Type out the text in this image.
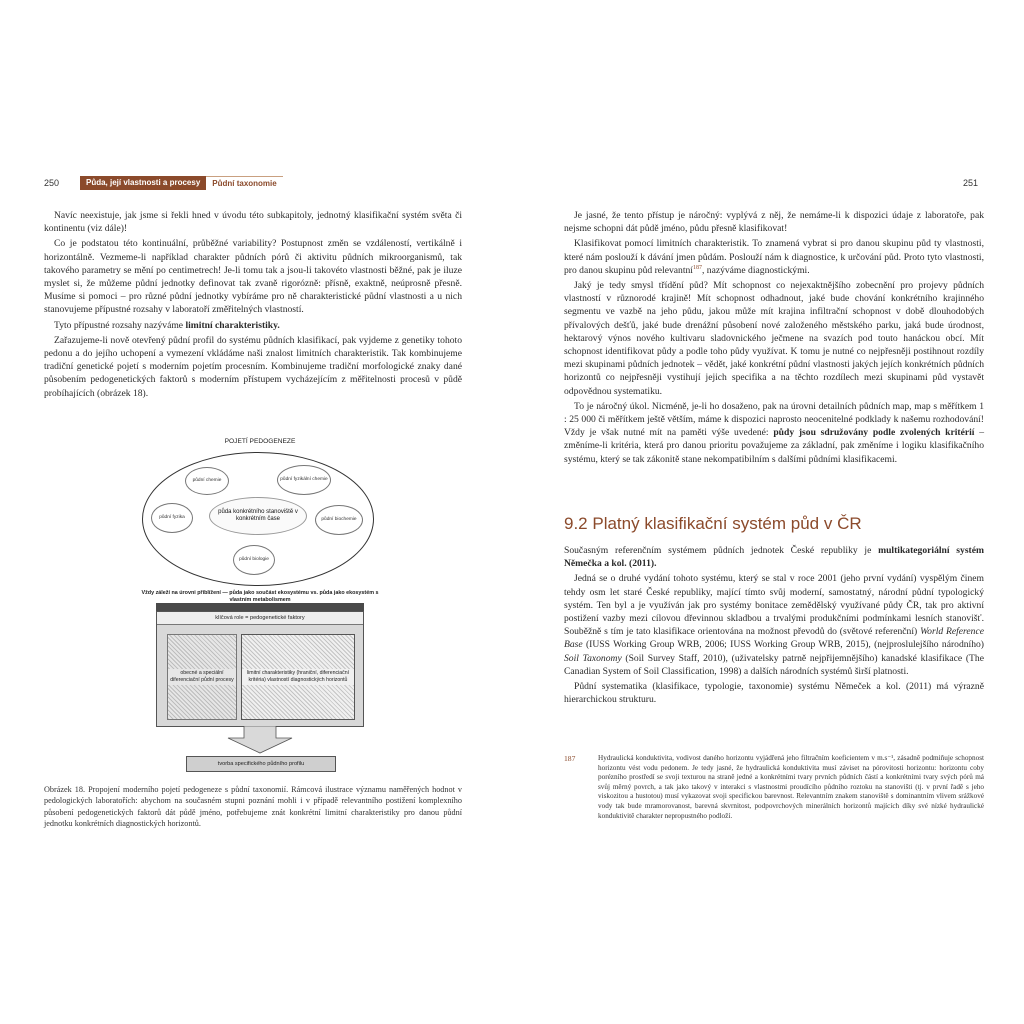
250	Půda, její vlastnosti a procesy	Půdní taxonomie

Navíc neexistuje, jak jsme si řekli hned v úvodu této subkapitoly, jednotný klasifikační systém světa či kontinentu (viz dále)!

Co je podstatou této kontinuální, průběžné variability? Postupnost změn se vzdáleností, vertikálně i horizontálně. Vezmeme-li například charakter půdních pórů či aktivitu půdních mikroorganismů, tak takového parametry se mění po centimetrech! Je-li tomu tak a jsou-li takovéto vlastnosti běžné, pak je iluze myslet si, že můžeme půdní jednotky definovat tak zvaně rigorózně: přísně, exaktně, neúprosně přesně. Musíme si pomoci – pro různé půdní jednotky vybíráme pro ně charakteristické půdní vlastnosti a u nich stanovujeme přípustné rozsahy v laboratoří změřitelných vlastností.

Tyto přípustné rozsahy nazýváme limitní charakteristiky.

Zařazujeme-li nově otevřený půdní profil do systému půdních klasifikací, pak vyjdeme z genetiky tohoto pedonu a do jejího uchopení a vymezení vkládáme naši znalost limitních charakteristik. Tak kombinujeme tradiční genetické pojetí s moderním pojetím procesním. Kombinujeme tradiční morfologické znaky dané působením pedogenetických faktorů s moderním přístupem vycházejícím z měřitelnosti procesů v půdě probíhajících (obrázek 18).

POJETÍ PEDOGENEZE
půdní chemie	půdní fyzikální chemie
půdní fyzika	půdní biochemie
půdní biologie
půda konkrétního stanoviště v konkrétním čase
Vždy záleží na úrovni přiblížení — půda jako součást ekosystému vs. půda jako ekosystém s vlastním metabolismem
klíčová role = pedogenetické faktory
obecné a speciální diferenciační půdní procesy
limitní charakteristiky (hraniční, diferenciační kritéria) vlastností diagnostických horizontů
tvorba specifického půdního profilu

Obrázek 18. Propojení moderního pojetí pedogeneze s půdní taxonomií. Rámcová ilustrace významu naměřených hodnot v pedologických laboratořích: abychom na současném stupni poznání mohli i v případě relevantního postižení komplexního působení pedogenetických faktorů dát půdě jméno, potřebujeme znát konkrétní limitní charakteristiky pro danou půdní jednotku konkrétních diagnostických horizontů.

251

Je jasné, že tento přístup je náročný: vyplývá z něj, že nemáme-li k dispozici údaje z laboratoře, pak nejsme schopni dát půdě jméno, půdu přesně klasifikovat!

Klasifikovat pomocí limitních charakteristik. To znamená vybrat si pro danou skupinu půd ty vlastnosti, které nám poslouží k dávání jmen půdám. Poslouží nám k diagnostice, k určování půd. Proto tyto vlastnosti, pro danou skupinu půd relevantní$^{187}$, nazýváme diagnostickými.

Jaký je tedy smysl třídění půd? Mít schopnost co nejexaktnějšího zobecnění pro projevy půdních vlastností v různorodé krajině! Mít schopnost odhadnout, jaké bude chování konkrétního krajinného segmentu ve vazbě na jeho půdu, jakou může mít krajina infiltrační schopnost v době dlouhodobých přívalových dešťů, jaké bude drenážní působení nové založeného městského parku, jaká bude úrodnost, hektarový výnos nového kultivaru sladovnického ječmene na svazích pod touto hanáckou obcí. Mít schopnost identifikovat půdy a podle toho půdy využívat. K tomu je nutné co nejpřesněji postihnout rozdíly mezi skupinami půdních jednotek – vědět, jaké konkrétní půdní vlastnosti jakých jejích konkrétních půdních horizontů co nejpřesněji vystihují jejich specifika a na těchto rozdílech mezi skupinami půd vystavět odpovědnou systematiku.

To je náročný úkol. Nicméně, je-li ho dosaženo, pak na úrovni detailních půdních map, map s měřítkem 1 : 25 000 či měřítkem ještě větším, máme k dispozici naprosto neocenitelné podklady k našemu rozhodování! Vždy je však nutné mít na paměti výše uvedené: půdy jsou sdružovány podle zvolených kritérií – změníme-li kritéria, která pro danou prioritu považujeme za základní, pak změníme i logiku klasifikačního systému, který se tak zákonitě stane nekompatibilním s dalšími půdními klasifikacemi.

9.2 Platný klasifikační systém půd v ČR

Současným referenčním systémem půdních jednotek České republiky je multikategoriální systém Němečka a kol. (2011).

Jedná se o druhé vydání tohoto systému, který se stal v roce 2001 (jeho první vydání) vyspělým činem tehdy osm let staré České republiky, mající tímto svůj moderní, samostatný, národní půdní typologický systém. Ten byl a je využíván jak pro systémy bonitace zemědělský využívané půdy ČR, tak pro aktivní postižení vazby mezi cílovou dřevinnou skladbou a trvalými produkčními podmínkami lesních stanovišť. Souběžně s tím je tato klasifikace orientována na možnost převodů do (světové referenční) World Reference Base (IUSS Working Group WRB, 2006; IUSS Working Group WRB, 2015), (nejproslulejšího národního) Soil Taxonomy (Soil Survey Staff, 2010), (uživatelsky patrně nejpřijemnějšího) kanadské klasifikace (The Canadian System of Soil Classification, 1998) a dalších národních systémů širší platnosti.

Půdní systematika (klasifikace, typologie, taxonomie) systému Němeček a kol. (2011) má výrazně hierarchickou strukturu.

187	Hydraulická konduktivita, vodivost daného horizontu vyjádřená jeho filtračním koeficientem v m.s⁻¹, zásadně podmiňuje schopnost horizontu vést vodu pedonem. Je tedy jasné, že hydraulická konduktivita musí záviset na pórovitosti horizontu: horizontu coby porézního prostředí se svoji texturou na straně jedné a konkrétními tvary prvních půdních částí a konkrétními tvary svých pórů má svůj měrný povrch, a tak jako takový v interakci s vlastnostmi proudícího půdního roztoku na stanovišti (tj. v první řadě s jeho viskozitou a hustotou) musí vykazovat svoji specifickou barevnost. Relevantním znakem stanoviště s dominantním vlivem srážkové vody tak bude mramorovanost, barevná skvrnitost, podpovrchových minerálních horizontů majících díky své nízké hydraulické konduktivitě charakter nepropustného podloží.
